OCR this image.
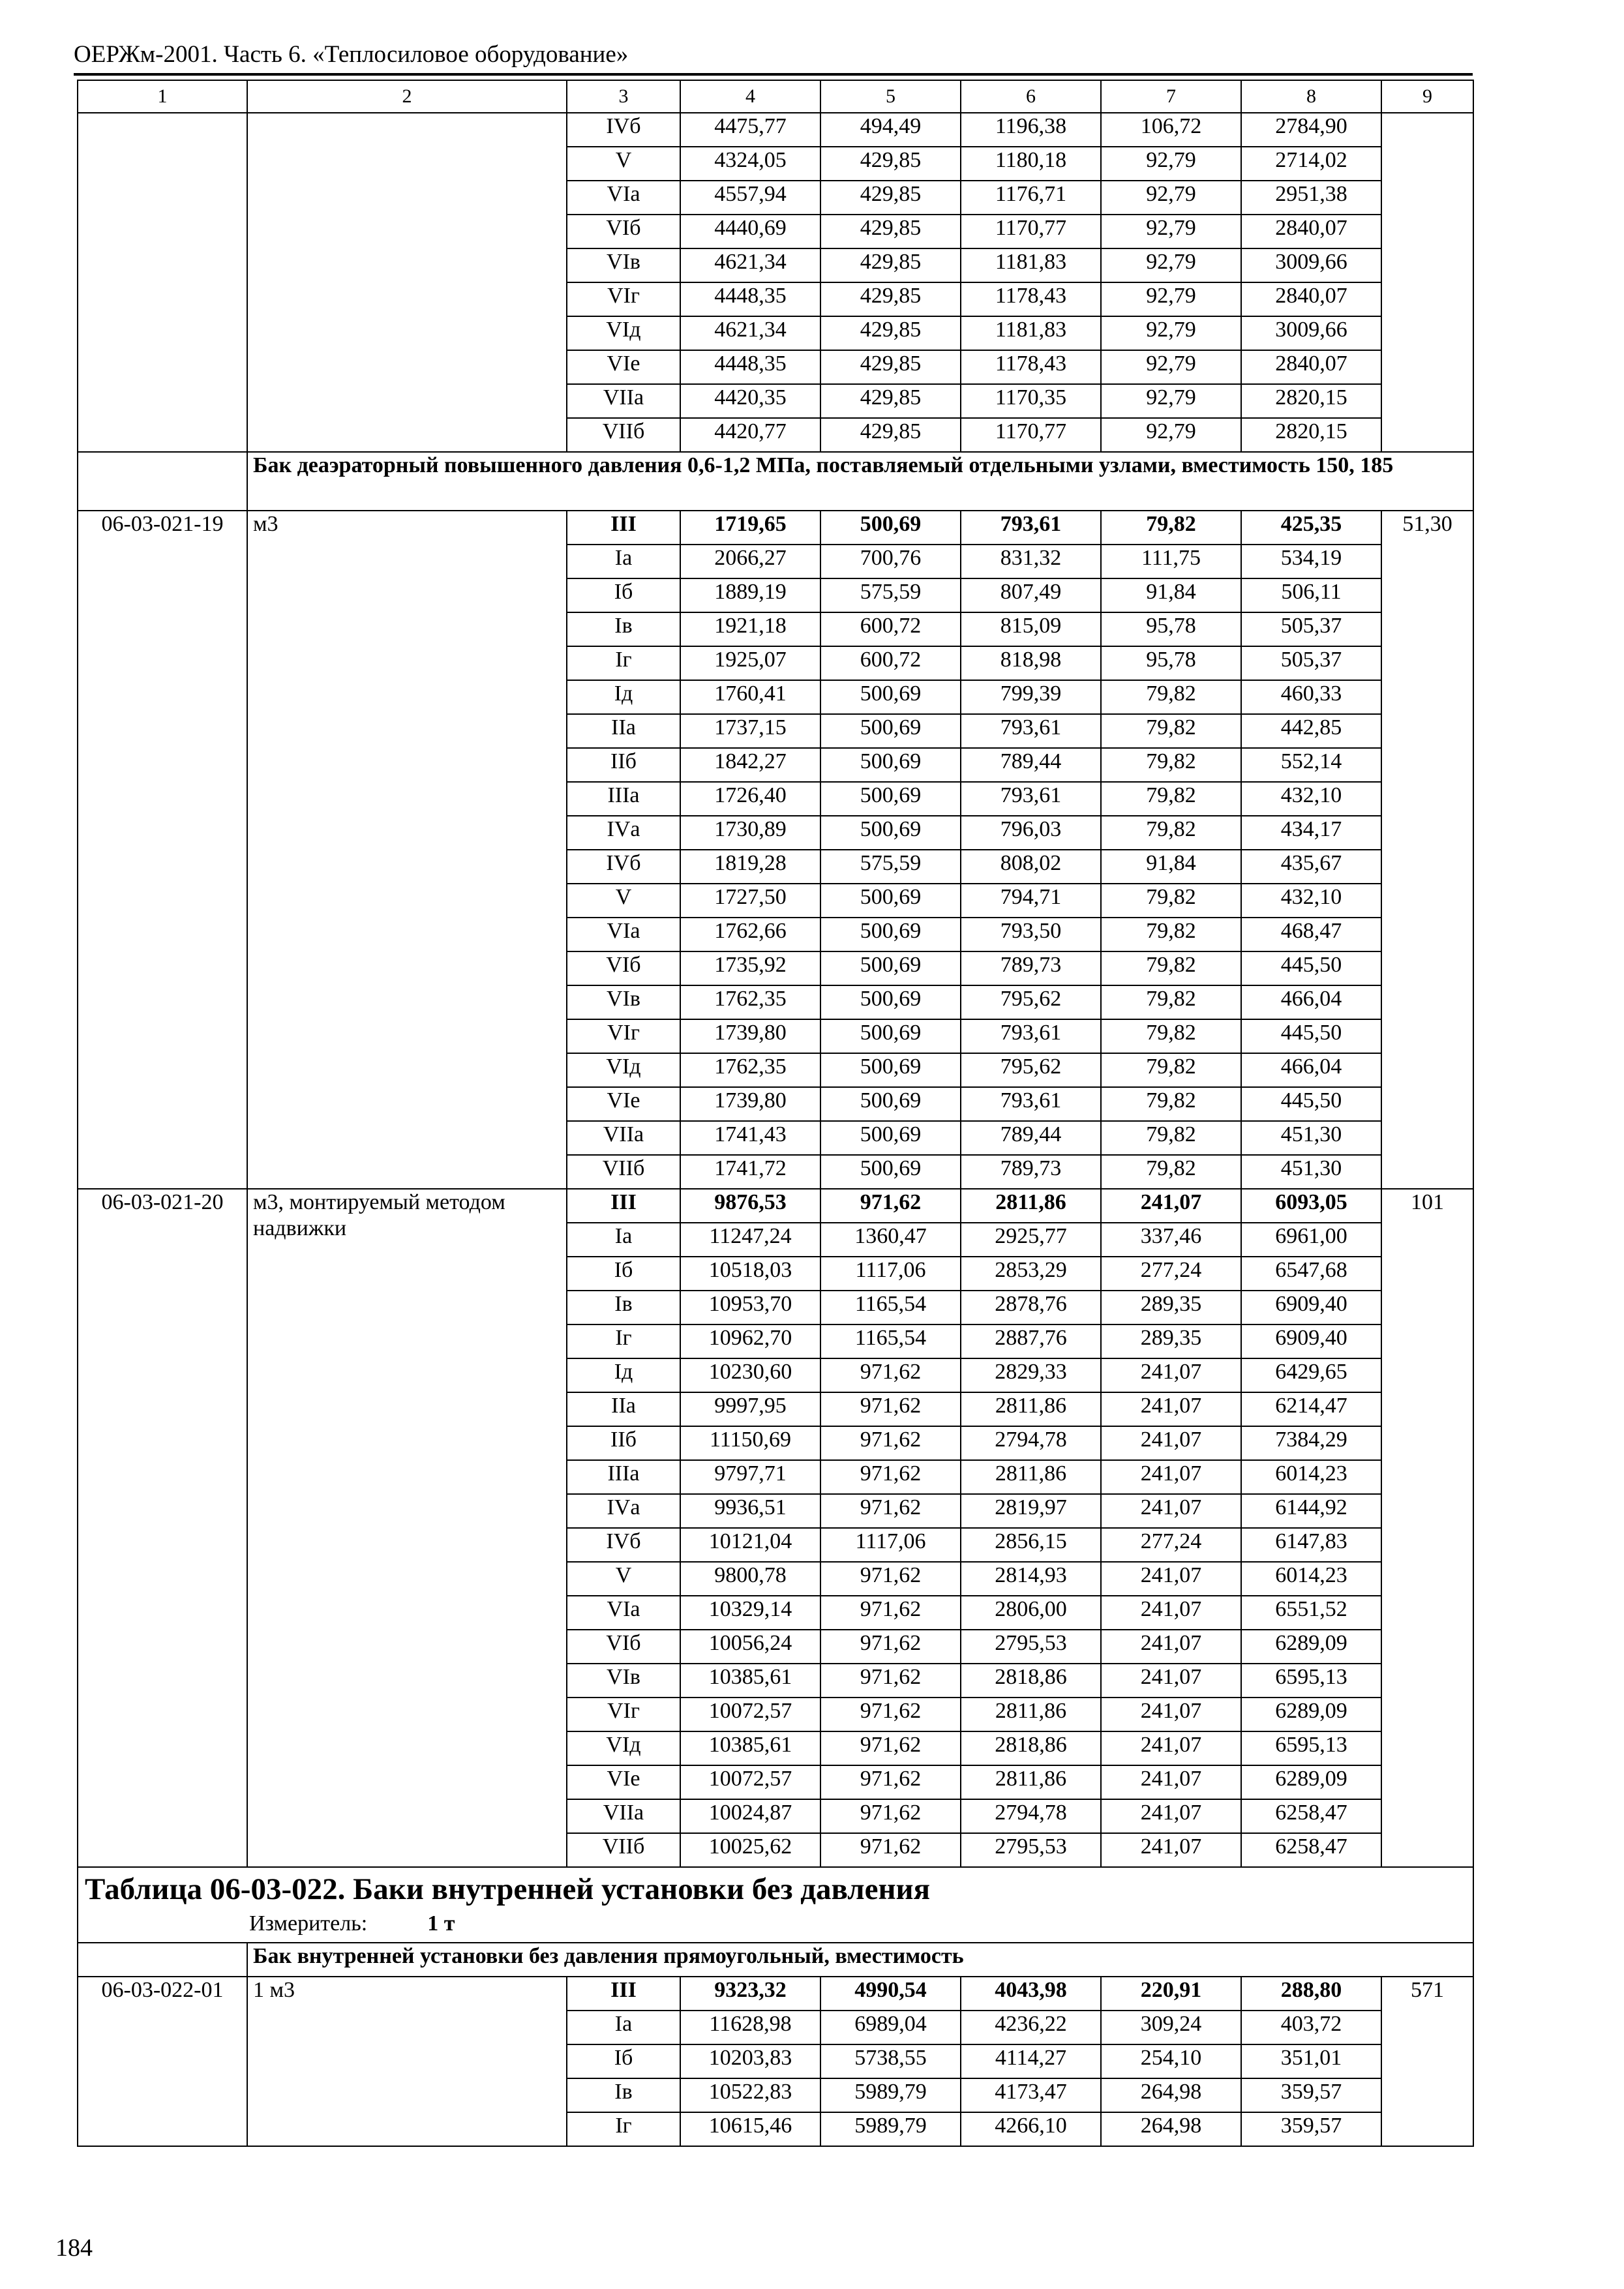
ОЕРЖм-2001. Часть 6. «Теплосиловое оборудование»
1	2	3	4	5	6	7	8	9
		IVб	4475,77	494,49	1196,38	106,72	2784,90	
		V	4324,05	429,85	1180,18	92,79	2714,02	
		VIа	4557,94	429,85	1176,71	92,79	2951,38	
		VIб	4440,69	429,85	1170,77	92,79	2840,07	
		VIв	4621,34	429,85	1181,83	92,79	3009,66	
		VIг	4448,35	429,85	1178,43	92,79	2840,07	
		VIд	4621,34	429,85	1181,83	92,79	3009,66	
		VIе	4448,35	429,85	1178,43	92,79	2840,07	
		VIIа	4420,35	429,85	1170,35	92,79	2820,15	
		VIIб	4420,77	429,85	1170,77	92,79	2820,15	
	Бак деаэраторный повышенного давления 0,6-1,2 МПа, поставляемый отдельными узлами, вместимость 150, 185							
06-03-021-19	м3	III	1719,65	500,69	793,61	79,82	425,35	51,30
		Iа	2066,27	700,76	831,32	111,75	534,19	
		Iб	1889,19	575,59	807,49	91,84	506,11	
		Iв	1921,18	600,72	815,09	95,78	505,37	
		Iг	1925,07	600,72	818,98	95,78	505,37	
		Iд	1760,41	500,69	799,39	79,82	460,33	
		IIа	1737,15	500,69	793,61	79,82	442,85	
		IIб	1842,27	500,69	789,44	79,82	552,14	
		IIIа	1726,40	500,69	793,61	79,82	432,10	
		IVа	1730,89	500,69	796,03	79,82	434,17	
		IVб	1819,28	575,59	808,02	91,84	435,67	
		V	1727,50	500,69	794,71	79,82	432,10	
		VIа	1762,66	500,69	793,50	79,82	468,47	
		VIб	1735,92	500,69	789,73	79,82	445,50	
		VIв	1762,35	500,69	795,62	79,82	466,04	
		VIг	1739,80	500,69	793,61	79,82	445,50	
		VIд	1762,35	500,69	795,62	79,82	466,04	
		VIе	1739,80	500,69	793,61	79,82	445,50	
		VIIа	1741,43	500,69	789,44	79,82	451,30	
		VIIб	1741,72	500,69	789,73	79,82	451,30	
06-03-021-20	м3, монтируемый методом надвижки	III	9876,53	971,62	2811,86	241,07	6093,05	101
		Iа	11247,24	1360,47	2925,77	337,46	6961,00	
		Iб	10518,03	1117,06	2853,29	277,24	6547,68	
		Iв	10953,70	1165,54	2878,76	289,35	6909,40	
		Iг	10962,70	1165,54	2887,76	289,35	6909,40	
		Iд	10230,60	971,62	2829,33	241,07	6429,65	
		IIа	9997,95	971,62	2811,86	241,07	6214,47	
		IIб	11150,69	971,62	2794,78	241,07	7384,29	
		IIIа	9797,71	971,62	2811,86	241,07	6014,23	
		IVа	9936,51	971,62	2819,97	241,07	6144,92	
		IVб	10121,04	1117,06	2856,15	277,24	6147,83	
		V	9800,78	971,62	2814,93	241,07	6014,23	
		VIа	10329,14	971,62	2806,00	241,07	6551,52	
		VIб	10056,24	971,62	2795,53	241,07	6289,09	
		VIв	10385,61	971,62	2818,86	241,07	6595,13	
		VIг	10072,57	971,62	2811,86	241,07	6289,09	
		VIд	10385,61	971,62	2818,86	241,07	6595,13	
		VIе	10072,57	971,62	2811,86	241,07	6289,09	
		VIIа	10024,87	971,62	2794,78	241,07	6258,47	
		VIIб	10025,62	971,62	2795,53	241,07	6258,47	
Таблица 06-03-022. Баки внутренней установки без давления								
Измеритель: 1 т								
	Бак внутренней установки без давления прямоугольный, вместимость							
06-03-022-01	1 м3	III	9323,32	4990,54	4043,98	220,91	288,80	571
		Iа	11628,98	6989,04	4236,22	309,24	403,72	
		Iб	10203,83	5738,55	4114,27	254,10	351,01	
		Iв	10522,83	5989,79	4173,47	264,98	359,57	
		Iг	10615,46	5989,79	4266,10	264,98	359,57	
184
